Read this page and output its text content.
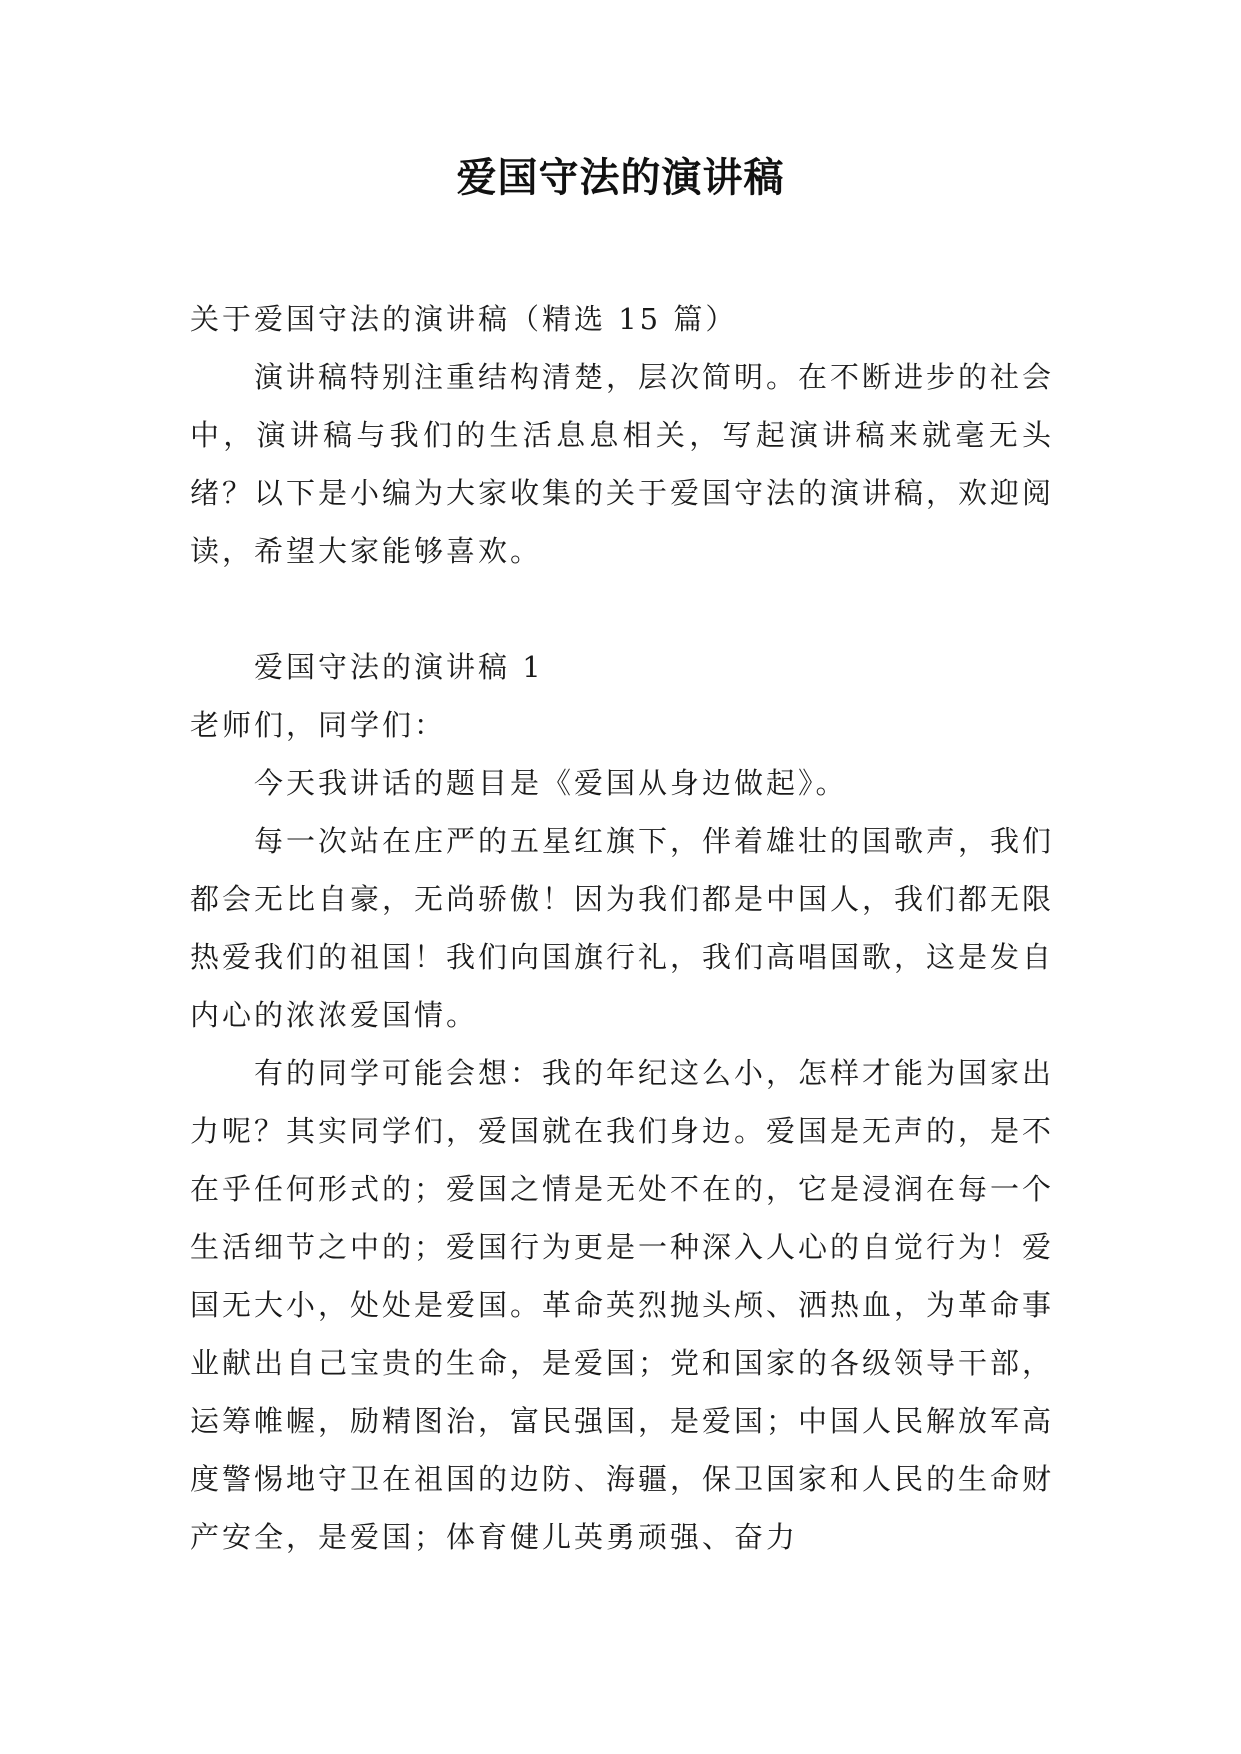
爱国守法的演讲稿

关于爱国守法的演讲稿（精选 15 篇）

演讲稿特别注重结构清楚，层次简明。在不断进步的社会中，演讲稿与我们的生活息息相关，写起演讲稿来就毫无头绪？以下是小编为大家收集的关于爱国守法的演讲稿，欢迎阅读，希望大家能够喜欢。

爱国守法的演讲稿 1

老师们，同学们：

今天我讲话的题目是《爱国从身边做起》。

每一次站在庄严的五星红旗下，伴着雄壮的国歌声，我们都会无比自豪，无尚骄傲！因为我们都是中国人，我们都无限热爱我们的祖国！我们向国旗行礼，我们高唱国歌，这是发自内心的浓浓爱国情。

有的同学可能会想：我的年纪这么小，怎样才能为国家出力呢？其实同学们，爱国就在我们身边。爱国是无声的，是不在乎任何形式的；爱国之情是无处不在的，它是浸润在每一个生活细节之中的；爱国行为更是一种深入人心的自觉行为！爱国无大小，处处是爱国。革命英烈抛头颅、洒热血，为革命事业献出自己宝贵的生命，是爱国；党和国家的各级领导干部，运筹帷幄，励精图治，富民强国，是爱国；中国人民解放军高度警惕地守卫在祖国的边防、海疆，保卫国家和人民的生命财产安全，是爱国；体育健儿英勇顽强、奋力
